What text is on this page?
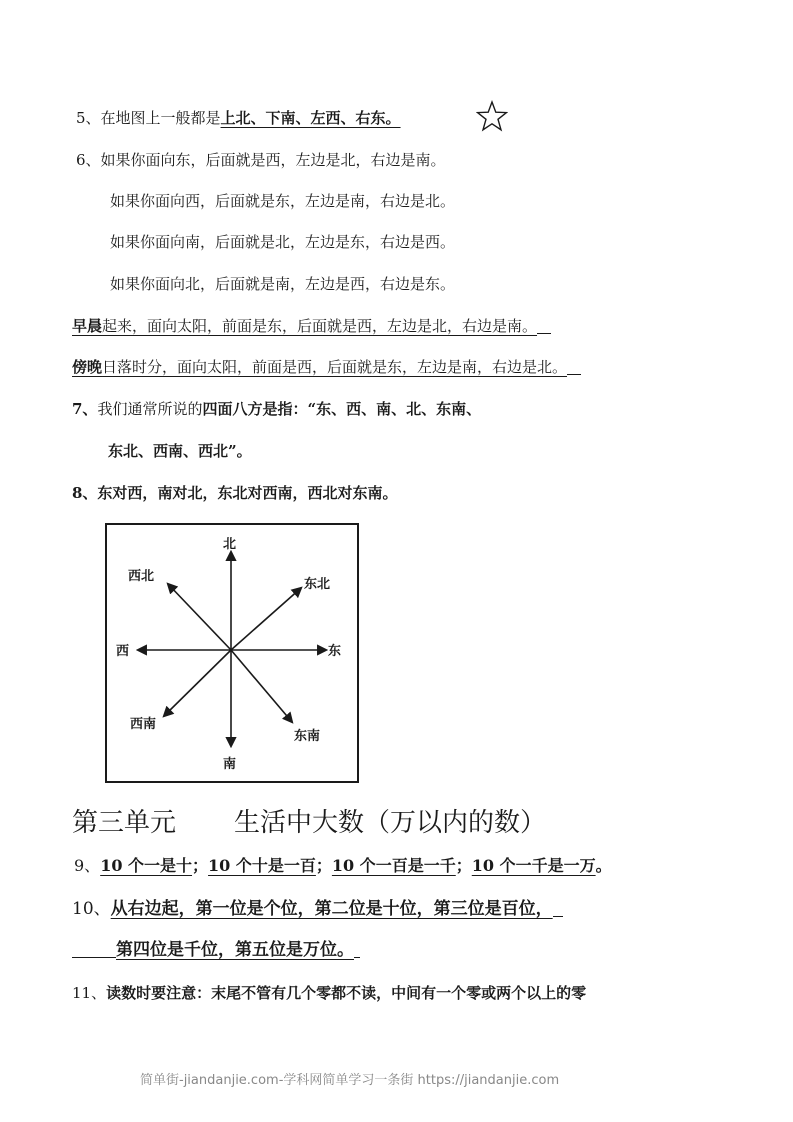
5、在地图上一般都是上北、下南、左西、右东。
6、如果你面向东，后面就是西，左边是北，右边是南。
如果你面向西，后面就是东，左边是南，右边是北。
如果你面向南，后面就是北，左边是东，右边是西。
如果你面向北，后面就是南，左边是西，右边是东。
早晨起来，面向太阳，前面是东，后面就是西，左边是北，右边是南。
傍晚日落时分，面向太阳，前面是西，后面就是东，左边是南，右边是北。
7、我们通常所说的四面八方是指：“东、西、南、北、东南、
东北、西南、西北”。
8、东对西，南对北，东北对西南，西北对东南。
北
南
东
西
东北
西北
东南
西南
第三单元 生活中大数（万以内的数）
9、10 个一是十；10 个十是一百；10 个一百是一千；10 个一千是一万。
10、从右边起，第一位是个位，第二位是十位，第三位是百位，
第四位是千位，第五位是万位。
11、读数时要注意：末尾不管有几个零都不读，中间有一个零或两个以上的零
简单街-jiandanjie.com-学科网简单学习一条街 https://jiandanjie.com
